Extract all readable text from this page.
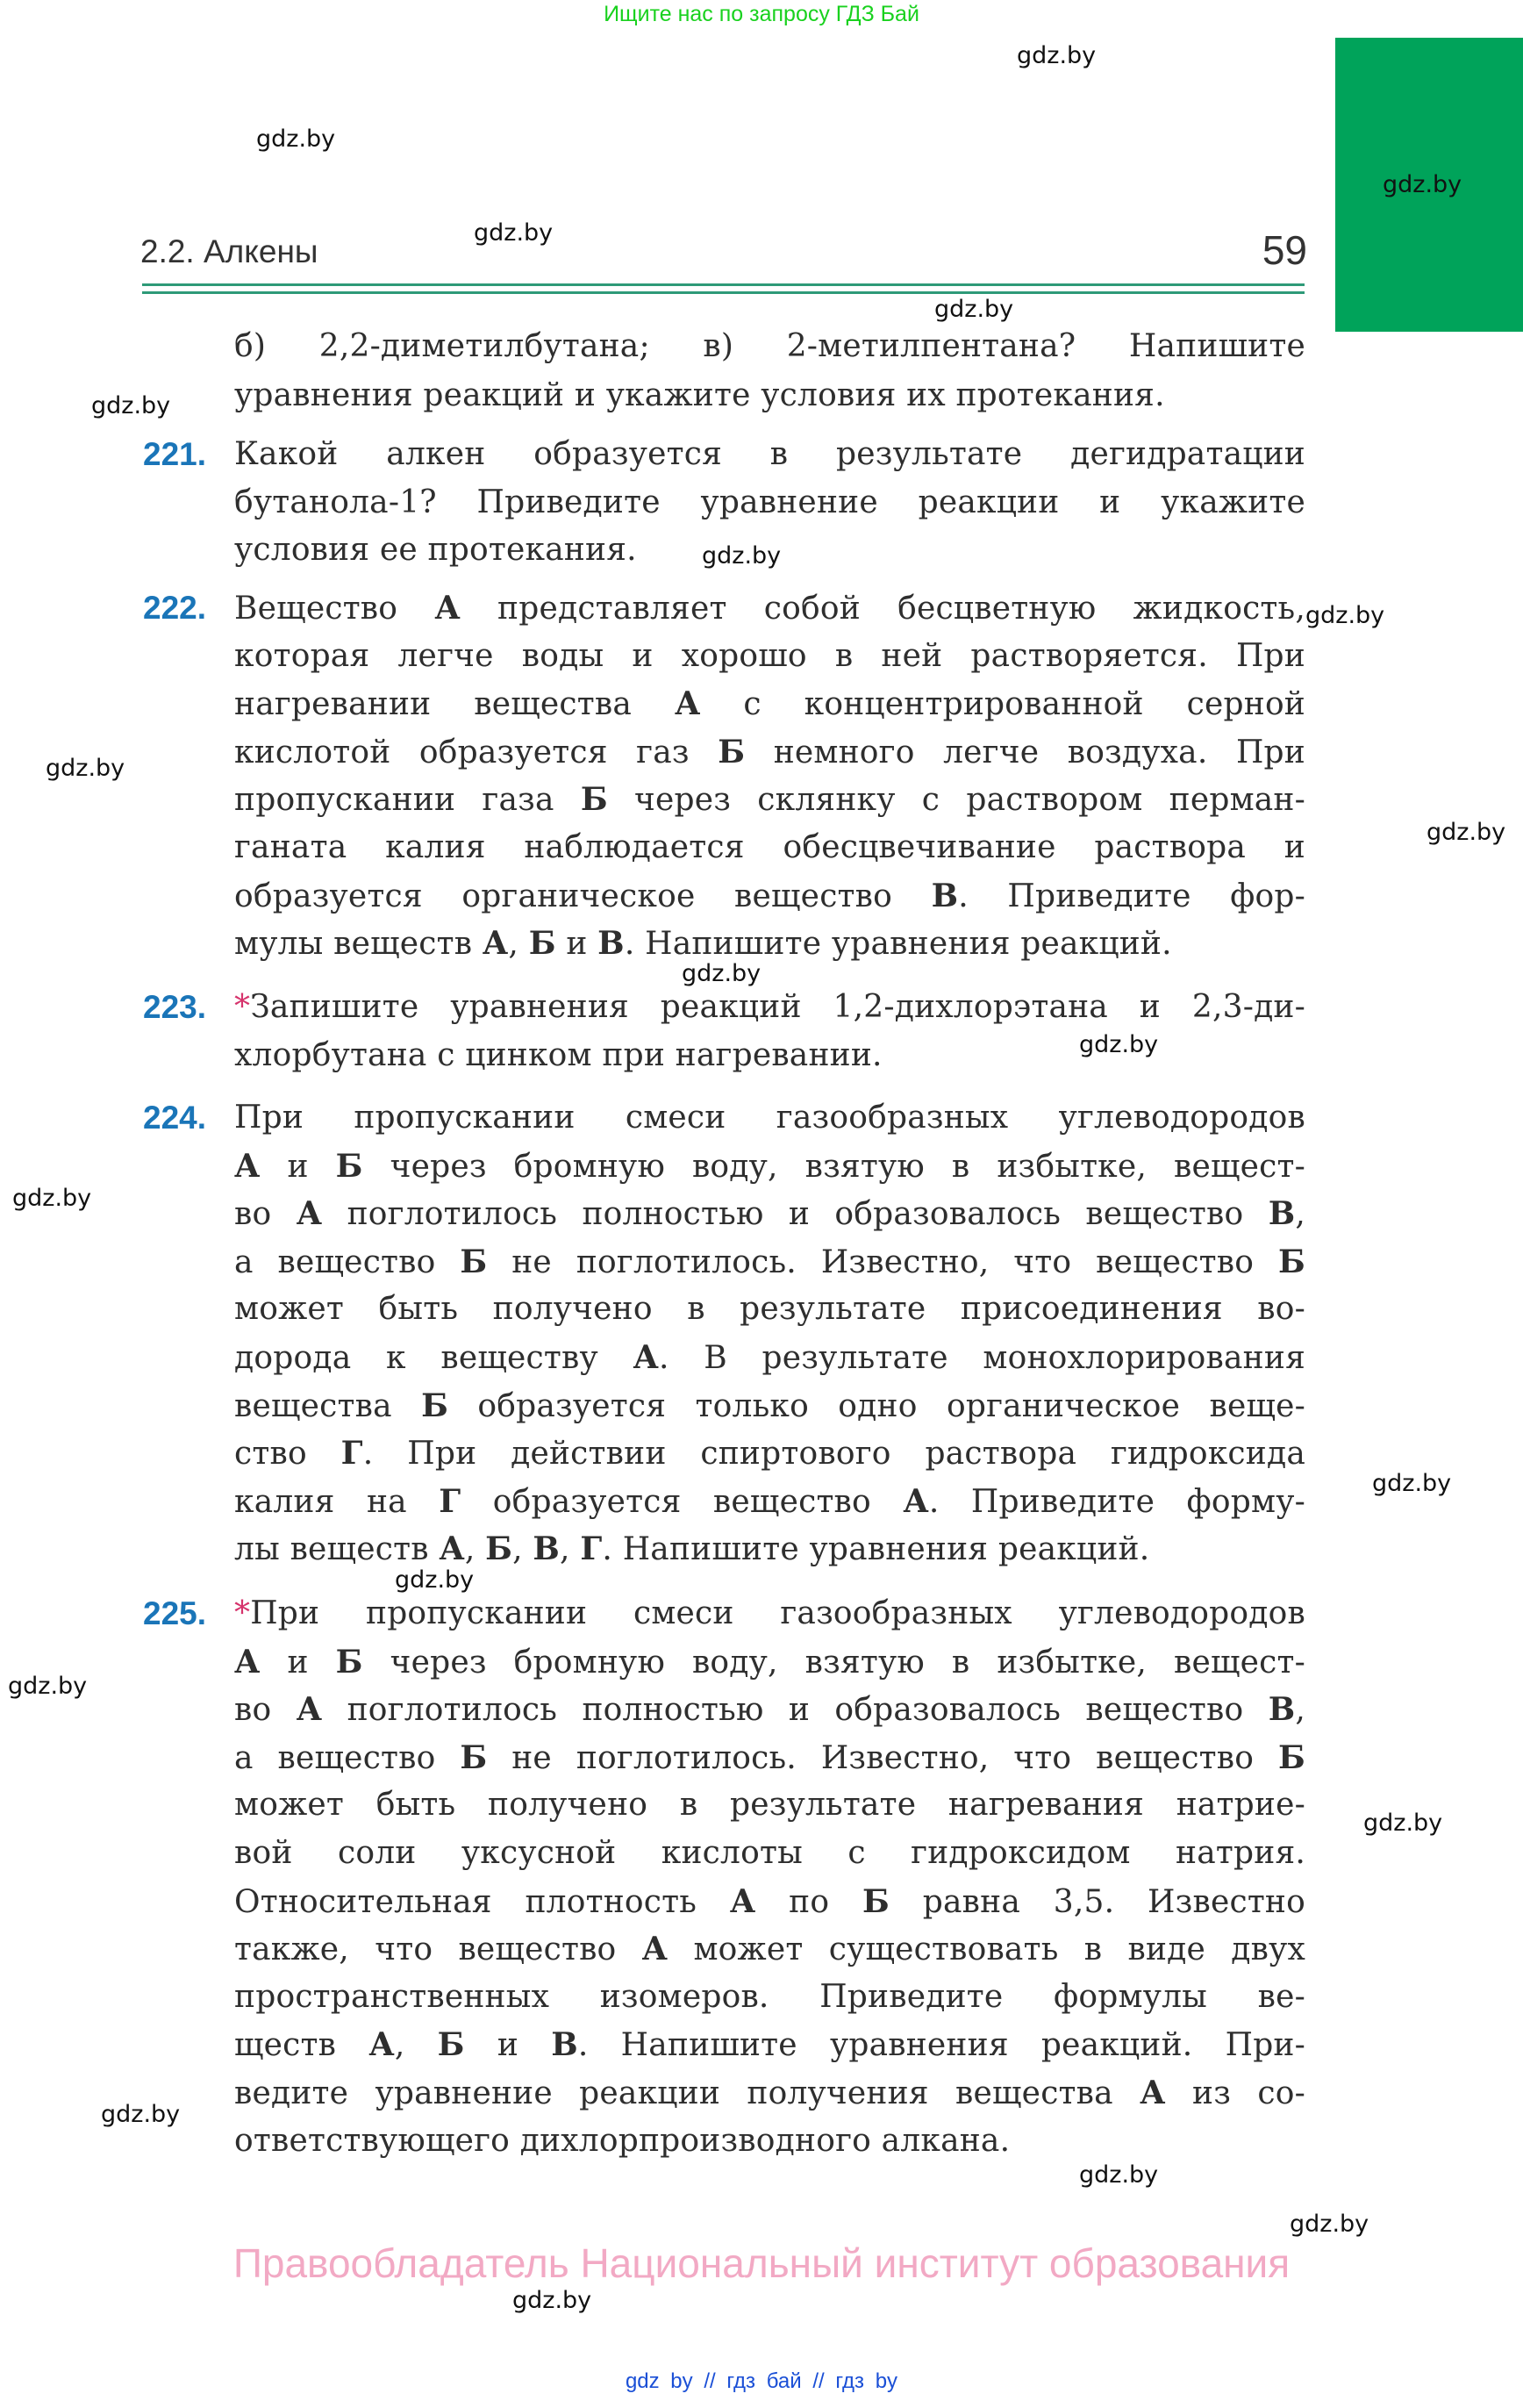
Ищите нас по запросу ГДЗ Бай
2.2. Алкены	59
б) 2,2-диметилбутана; в) 2-метилпентана? Напишите
уравнения реакций и укажите условия их протекания.
221. Какой алкен образуется в результате дегидратации
бутанола-1? Приведите уравнение реакции и укажите
условия ее протекания.
222. Вещество А представляет собой бесцветную жидкость,
которая легче воды и хорошо в ней растворяется. При
нагревании вещества А с концентрированной серной
кислотой образуется газ Б немного легче воздуха. При
пропускании газа Б через склянку с раствором перман-
ганата калия наблюдается обесцвечивание раствора и
образуется органическое вещество В. Приведите фор-
мулы веществ А, Б и В. Напишите уравнения реакций.
223. *Запишите уравнения реакций 1,2-дихлорэтана и 2,3-ди-
хлорбутана с цинком при нагревании.
224. При пропускании смеси газообразных углеводородов
А и Б через бромную воду, взятую в избытке, вещест-
во А поглотилось полностью и образовалось вещество В,
а вещество Б не поглотилось. Известно, что вещество Б
может быть получено в результате присоединения во-
дорода к веществу А. В результате монохлорирования
вещества Б образуется только одно органическое веще-
ство Г. При действии спиртового раствора гидроксида
калия на Г образуется вещество А. Приведите форму-
лы веществ А, Б, В, Г. Напишите уравнения реакций.
225. *При пропускании смеси газообразных углеводородов
А и Б через бромную воду, взятую в избытке, вещест-
во А поглотилось полностью и образовалось вещество В,
а вещество Б не поглотилось. Известно, что вещество Б
может быть получено в результате нагревания натрие-
вой соли уксусной кислоты с гидроксидом натрия.
Относительная плотность А по Б равна 3,5. Известно
также, что вещество А может существовать в виде двух
пространственных изомеров. Приведите формулы ве-
ществ А, Б и В. Напишите уравнения реакций. При-
ведите уравнение реакции получения вещества А из со-
ответствующего дихлорпроизводного алкана.
Правообладатель Национальный институт образования
gdz by // гдз бай // гдз by
gdz.by
gdz.by
gdz.by
gdz.by
gdz.by
gdz.by
gdz.by
gdz.by
gdz.by
gdz.by
gdz.by
gdz.by
gdz.by
gdz.by
gdz.by
gdz.by
gdz.by
gdz.by
gdz.by
gdz.by
gdz.by
